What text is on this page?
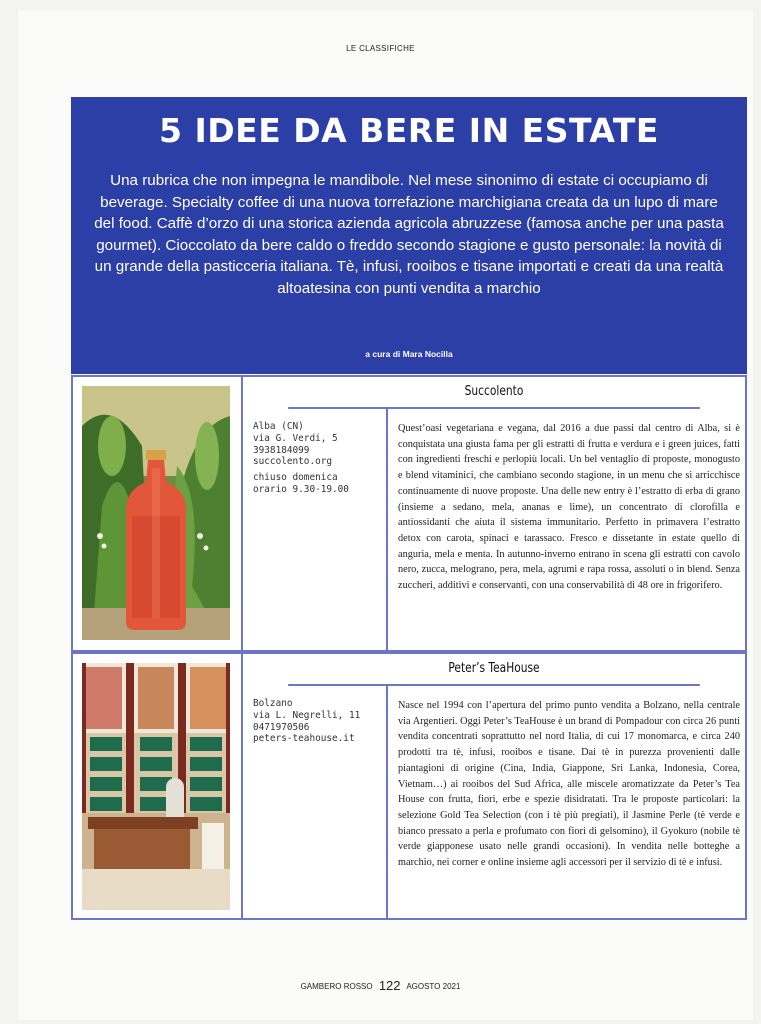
LE CLASSIFICHE
5 IDEE DA BERE IN ESTATE
Una rubrica che non impegna le mandibole. Nel mese sinonimo di estate ci occupiamo di beverage. Specialty coffee di una nuova torrefazione marchigiana creata da un lupo di mare del food. Caffè d’orzo di una storica azienda agricola abruzzese (famosa anche per una pasta gourmet). Cioccolato da bere caldo o freddo secondo stagione e gusto personale: la novità di un grande della pasticceria italiana. Tè, infusi, rooibos e tisane importati e creati da una realtà altoatesina con punti vendita a marchio
a cura di Mara Nocilla
Succolento
Alba (CN)
via G. Verdi, 5
3938184099
succolento.org
chiuso domenica
orario 9.30-19.00
Quest’oasi vegetariana e vegana, dal 2016 a due passi dal centro di Alba, si è conquistata una giusta fama per gli estratti di frutta e verdura e i green juices, fatti con ingredienti freschi e perlopiù locali. Un bel ventaglio di proposte, monogusto e blend vitaminici, che cambiano secondo stagione, in un menu che si arricchisce continuamente di nuove proposte. Una delle new entry è l’estratto di erba di grano (insieme a sedano, mela, ananas e lime), un concentrato di clorofilla e antiossidanti che aiuta il sistema immunitario. Perfetto in primavera l’estratto detox con carota, spinaci e tarassaco. Fresco e dissetante in estate quello di anguria, mela e menta. In autunno-inverno entrano in scena gli estratti con cavolo nero, zucca, melograno, pera, mela, agrumi e rapa rossa, assoluti o in blend. Senza zuccheri, additivi e conservanti, con una conservabilità di 48 ore in frigorifero.
Peter’s TeaHouse
Bolzano
via L. Negrelli, 11
0471970506
peters-teahouse.it
Nasce nel 1994 con l’apertura del primo punto vendita a Bolzano, nella centrale via Argentieri. Oggi Peter’s TeaHouse è un brand di Pompadour con circa 26 punti vendita concentrati soprattutto nel nord Italia, di cui 17 monomarca, e circa 240 prodotti tra tè, infusi, rooibos e tisane. Dai tè in purezza provenienti dalle piantagioni di origine (Cina, India, Giappone, Sri Lanka, Indonesia, Corea, Vietnam…) ai rooibos del Sud Africa, alle miscele aromatizzate da Peter’s Tea House con frutta, fiori, erbe e spezie disidratati. Tra le proposte particolari: la selezione Gold Tea Selection (con i tè più pregiati), il Jasmine Perle (tè verde e bianco pressato a perla e profumato con fiori di gelsomino), il Gyokuro (nobile tè verde giapponese usato nelle grandi occasioni). In vendita nelle botteghe a marchio, nei corner e online insieme agli accessori per il servizio di tè e infusi.
GAMBERO ROSSO 122 AGOSTO 2021
